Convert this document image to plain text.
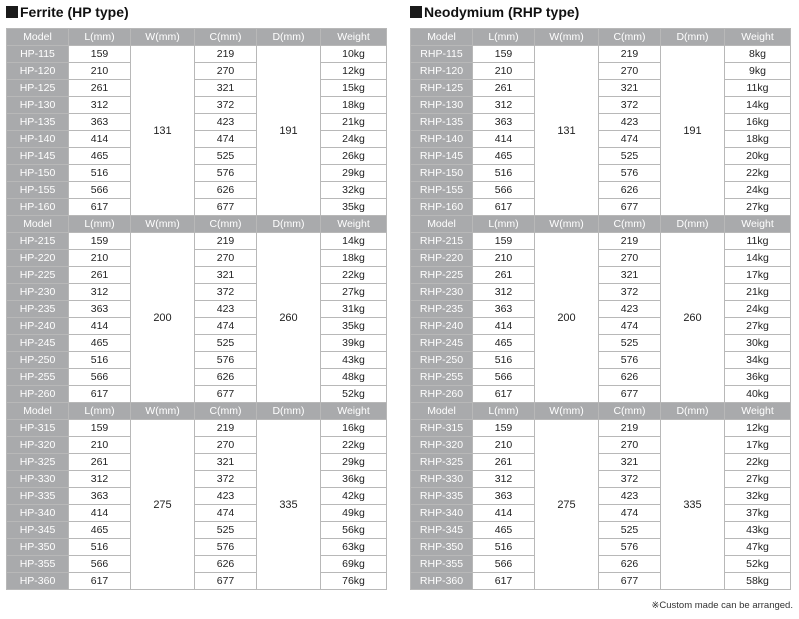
Ferrite (HP type)
Model	L(mm)	W(mm)	C(mm)	D(mm)	Weight
HP-115	159	131	219	191	10kg
HP-120	210		270		12kg
HP-125	261		321		15kg
HP-130	312		372		18kg
HP-135	363		423		21kg
HP-140	414		474		24kg
HP-145	465		525		26kg
HP-150	516		576		29kg
HP-155	566		626		32kg
HP-160	617		677		35kg
Model	L(mm)	W(mm)	C(mm)	D(mm)	Weight
HP-215	159	200	219	260	14kg
HP-220	210		270		18kg
HP-225	261		321		22kg
HP-230	312		372		27kg
HP-235	363		423		31kg
HP-240	414		474		35kg
HP-245	465		525		39kg
HP-250	516		576		43kg
HP-255	566		626		48kg
HP-260	617		677		52kg
Model	L(mm)	W(mm)	C(mm)	D(mm)	Weight
HP-315	159	275	219	335	16kg
HP-320	210		270		22kg
HP-325	261		321		29kg
HP-330	312		372		36kg
HP-335	363		423		42kg
HP-340	414		474		49kg
HP-345	465		525		56kg
HP-350	516		576		63kg
HP-355	566		626		69kg
HP-360	617		677		76kg
Neodymium (RHP type)
Model	L(mm)	W(mm)	C(mm)	D(mm)	Weight
RHP-115	159	131	219	191	8kg
RHP-120	210		270		9kg
RHP-125	261		321		11kg
RHP-130	312		372		14kg
RHP-135	363		423		16kg
RHP-140	414		474		18kg
RHP-145	465		525		20kg
RHP-150	516		576		22kg
RHP-155	566		626		24kg
RHP-160	617		677		27kg
Model	L(mm)	W(mm)	C(mm)	D(mm)	Weight
RHP-215	159	200	219	260	11kg
RHP-220	210		270		14kg
RHP-225	261		321		17kg
RHP-230	312		372		21kg
RHP-235	363		423		24kg
RHP-240	414		474		27kg
RHP-245	465		525		30kg
RHP-250	516		576		34kg
RHP-255	566		626		36kg
RHP-260	617		677		40kg
Model	L(mm)	W(mm)	C(mm)	D(mm)	Weight
RHP-315	159	275	219	335	12kg
RHP-320	210		270		17kg
RHP-325	261		321		22kg
RHP-330	312		372		27kg
RHP-335	363		423		32kg
RHP-340	414		474		37kg
RHP-345	465		525		43kg
RHP-350	516		576		47kg
RHP-355	566		626		52kg
RHP-360	617		677		58kg
※Custom made can be arranged.
